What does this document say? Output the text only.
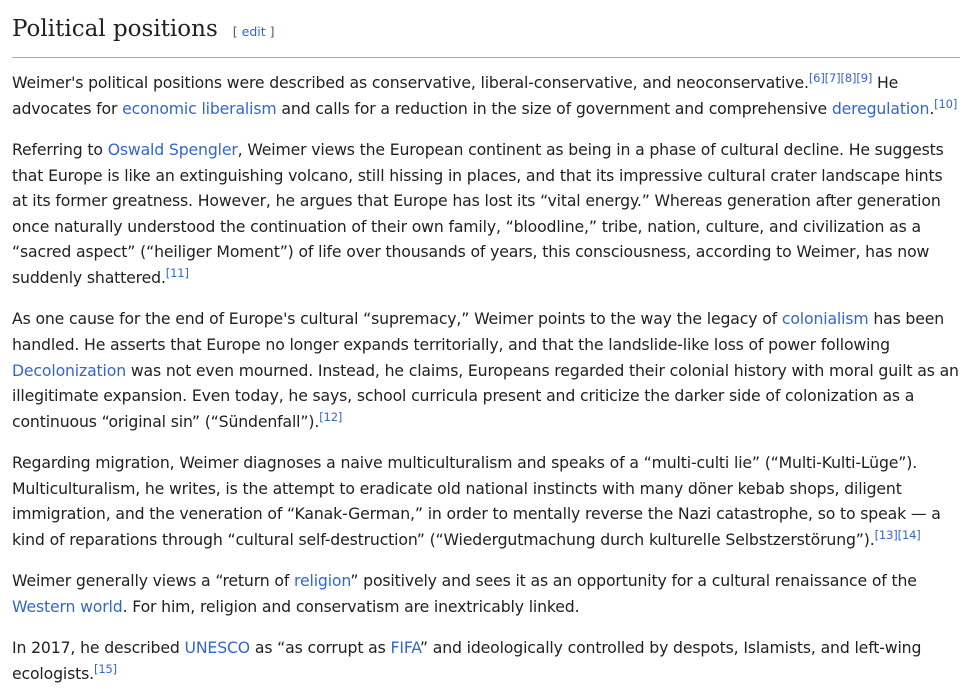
Political positions [ edit ]

Weimer's political positions were described as conservative, liberal-conservative, and neoconservative.[6][7][8][9] He advocates for economic liberalism and calls for a reduction in the size of government and comprehensive deregulation.[10]

Referring to Oswald Spengler, Weimer views the European continent as being in a phase of cultural decline. He suggests that Europe is like an extinguishing volcano, still hissing in places, and that its impressive cultural crater landscape hints at its former greatness. However, he argues that Europe has lost its “vital energy.” Whereas generation after generation once naturally understood the continuation of their own family, “bloodline,” tribe, nation, culture, and civilization as a “sacred aspect” (“heiliger Moment”) of life over thousands of years, this consciousness, according to Weimer, has now suddenly shattered.[11]

As one cause for the end of Europe's cultural “supremacy,” Weimer points to the way the legacy of colonialism has been handled. He asserts that Europe no longer expands territorially, and that the landslide-like loss of power following Decolonization was not even mourned. Instead, he claims, Europeans regarded their colonial history with moral guilt as an illegitimate expansion. Even today, he says, school curricula present and criticize the darker side of colonization as a continuous “original sin” (“Sündenfall”).[12]

Regarding migration, Weimer diagnoses a naive multiculturalism and speaks of a “multi-culti lie” (“Multi-Kulti-Lüge”). Multiculturalism, he writes, is the attempt to eradicate old national instincts with many döner kebab shops, diligent immigration, and the veneration of “Kanak-German,” in order to mentally reverse the Nazi catastrophe, so to speak — a kind of reparations through “cultural self-destruction” (“Wiedergutmachung durch kulturelle Selbstzerstörung”).[13][14]

Weimer generally views a “return of religion” positively and sees it as an opportunity for a cultural renaissance of the Western world. For him, religion and conservatism are inextricably linked.

In 2017, he described UNESCO as “as corrupt as FIFA” and ideologically controlled by despots, Islamists, and left-wing ecologists.[15]
